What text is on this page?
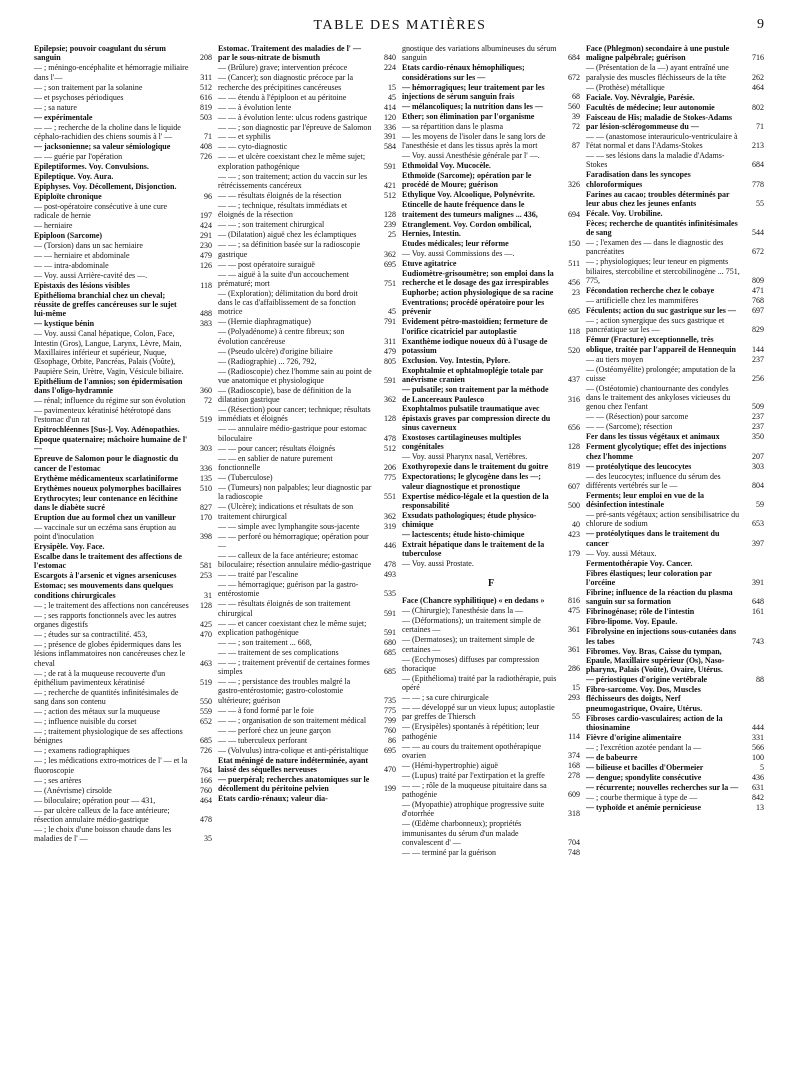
TABLE DES MATIÈRES	9
Epilepsie; pouvoir coagulant du sérum sanguin	208
— ; méningo-encéphalite et hémorragie miliaire dans l'—	311
— ; son traitement par la solanine	512
— et psychoses périodiques	616
— ; sa nature	819
— expérimentale	503
— — ; recherche de la choline dans le liquide céphalo-rachidien des chiens soumis à l' —	71
— jacksonienne; sa valeur sémiologique	408
— — guérie par l'opération	726
Epileptiformes. Voy. Convulsions.
Epileptique. Voy. Aura.
Epiphyses. Voy. Décollement, Disjonction.
Epiploïte chronique	96
— post-opératoire consécutive à une cure radicale de hernie	197
— herniaire	424
Epiploon (Sarcome)	291
— (Torsion) dans un sac herniaire	230
— — herniaire et abdominale	479
— — intra-abdominale	126
— Voy. aussi Arrière-cavité des —.
Epistaxis des lésions visibles	118
Epithélioma branchial chez un cheval; réussite de greffes cancéreuses sur le sujet lui-même	488
— kystique bénin	383
— Voy. aussi Canal hépatique, Colon, Face, Intestin (Gros), Langue, Larynx, Lèvre, Main, Maxillaires inférieur et supérieur, Nuque, Œsophage, Orbite, Pancréas, Palais (Voûte), Paupière Sein, Urètre, Vagin, Vésicule biliaire.
Epithélium de l'amnios; son épidermisation dans l'oligo-hydramnie	360
— rénal; influence du régime sur son évolution 72
— pavimenteux kératinisé hétérotopé dans l'estomac d'un rat	519
Epitrochléennes [Sus-]. Voy. Adénopathies.
Epoque quaternaire; mâchoire humaine de l' —	303
Epreuve de Salomon pour le diagnostic du cancer de l'estomac	336
Erythème médicamenteux scarlatiniforme	135
Erythèmes noueux polymorphes bacillaires 510
Erythrocytes; leur contenance en lécithine dans le diabète sucré	827
Eruption due au formol chez un vanilleur	170
— vaccinale sur un eczéma sans éruption au point d'inoculation	398
Erysipèle. Voy. Face.
Escalbe dans le traitement des affections de l'estomac	581
Escargots à l'arsenic et vignes arsenicuses	253
Estomac; ses mouvements dans quelques conditions chirurgicales	31
— ; le traitement des affections non cancéreuses 128
— ; ses rapports fonctionnels avec les autres organes digestifs	425
— ; études sur sa contractilité. 453,	470
— ; présence de globes épidermiques dans les lésions inflammatoires non cancéreuses chez le cheval	463
— ; de rat à la muqueuse recouverte d'un épithélium pavimenteux kératinisé	519
— ; recherche de quantités infinitésimales de sang dans son contenu	550
— ; action des métaux sur la muqueuse	559
— ; influence nuisible du corset	652
— ; traitement physiologique de ses affections bénignes	685
— ; examens radiographiques	726
— ; les médications extro-motrices de l' — et la fluoroscopie	764
— ; ses artères	166
— (Anévrisme) cirsoïde	760
— biloculaire; opération pour — 431,	464
— par ulcère calleux de la face antérieure; résection annulaire médio-gastrique	478
— ; le choix d'une boisson chaude dans les maladies de l' —	35
Estomac. Traitement des maladies de l' — par le sous-nitrate de bismuth	840
— (Brûlure) grave; intervention précoce	224
— (Cancer); son diagnostic précoce par la recherche des précipitines cancéreuses	15
— — étendu à l'épiploon et au péritoine	45
— — à évolution lente	414
— — à évolution lente: ulcus rodens gastrique 120
— — ; son diagnostic par l'épreuve de Salomon 336
— — et syphilis	391
— — cyto-diagnostic	584
— — et ulcère coexistant chez le même sujet; exploration pathogénique	591
— — ; son traitement; action du vaccin sur les rétrécissements cancéreux	421
— — résultats éloignés de la résection	512
— — ; technique, résultats immédiats et éloignés de la résection	128
— — ; son traitement chirurgical	239
— (Dilatation) aiguë chez les éclamptiques	25
— — ; sa définition basée sur la radioscopie gastrique	362
— — post opératoire suraiguë	695
— — aiguë à la suite d'un accouchement prématuré; mort	751
— (Exploration); délimitation du bord droit dans le cas d'affaiblissement de sa fonction motrice	45
— (Hernie diaphragmatique)	791
— (Polyadénome) à centre fibreux; son évolution cancéreuse	311
— (Pseudo ulcère) d'origine biliaire	479
— (Radiographie) ... 726, 792,	805
— (Radioscopie) chez l'homme sain au point de vue anatomique et physiologique	591
— (Radioscopie), base de définition de la dilatation gastrique	362
— (Résection) pour cancer; technique; résultats immédiats et éloignés	128
— — annulaire médio-gastrique pour estomac biloculaire	478
— — pour cancer; résultats éloignés	512
— — en sablier de nature purement fonctionnelle	206
— (Tuberculose)	775
— (Tumeurs) non palpables; leur diagnostic par la radioscopie	551
— (Ulcère); indications et résultats de son traitement chirurgical	362
— — simple avec lymphangite sous-jacente	319
— — perforé ou hémorragique; opération pour —	446
— — calleux de la face antérieure; estomac biloculaire; résection annulaire médio-gastrique 478
— — traité par l'escaline	493
— — hémorragique; guérison par la gastro-entérostomie	535
— — résultats éloignés de son traitement chirurgical	591
— — et cancer coexistant chez le même sujet; explication pathogénique	591
— — ; son traitement ... 668,	680
— — traitement de ses complications	685
— — ; traitement préventif de certaines formes simples	685
— — ; persistance des troubles malgré la gastro-entérostomie; gastro-colostomie ultérieure; guérison	735
— — à fond formé par le foie	775
— — ; organisation de son traitement médical 799
— — perforé chez un jeune garçon	760
— — tuberculeux perforant	86
— (Volvulus) intra-colique et anti-péristaltique 695
Etat méningé de nature indéterminée, ayant laissé des séquelles nerveuses	470
— puerpéral; recherches anatomiques sur le décollement du péritoine pelvien	199
Etats cardio-rénaux; valeur dia-
gnostique des variations albumineuses du sérum sanguin	684
Etats cardio-rénaux hémophiliques; considérations sur les —	672
— hémorragiques; leur traitement par les injections de sérum sanguin frais	68
— mélancoliques; la nutrition dans les —	560
Ether; son élimination par l'organisme	39
— sa répartition dans le plasma	72
— les moyens de l'isoler dans le sang lors de l'anesthésie et dans les tissus après la mort	87
— Voy. aussi Anesthésie générale par l' —.
Ethmoïdal Voy. Mucocèle.
Ethmoïde (Sarcome); opération par le procédé de Moure; guérison	326
Ethylique Voy. Alcoolique, Polynévrite.
Etincelle de haute fréquence dans le traitement des tumeurs malignes ... 436,	694
Etranglement. Voy. Cordon ombilical, Hernies, Intestin.
Etudes médicales; leur réforme	150
— Voy. aussi Commissions des —.
Etuve agitatrice	511
Eudiomètre-grisoumètre; son emploi dans la recherche et le dosage des gaz irrespirables 456
Euphorbe; action physiologique de sa racine 23
Eventrations; procédé opératoire pour les prévenir	695
Evidement pétro-mastoïdien; fermeture de l'orifice cicatriciel par autoplastie	118
Exanthème iodique noueux dû à l'usage de potassium	520
Exclusion. Voy. Intestin, Pylore.
Exophtalmie et ophtalmoplégie totale par anévrisme cranien	437
— pulsatile; son traitement par la méthode de Lancereaux Paulesco	316
Exophtalmos pulsatile traumatique avec épistaxis graves par compression directe du sinus caverneux	656
Exostoses cartilagineuses multiples congénitales	128
— Voy. aussi Pharynx nasal, Vertèbres.
Exothyropexie dans le traitement du goitre 819
Expectorations; le glycogène dans les —; valeur diagnostique et pronostique	607
Expertise médico-légale et la question de la responsabilité	500
Exsudats pathologiques; étude physico-chimique	40
— lactescents; étude histo-chimique	423
Extrait hépatique dans le traitement de la tuberculose	179
— Voy. aussi Prostate.
F
Face (Chancre syphilitique) « en dedans »	816
— (Chirurgie); l'anesthésie dans la —	475
— (Déformations); un traitement simple de certaines —	361
— (Dermatoses); un traitement simple de certaines —	361
— (Ecchymoses) diffuses par compression thoracique	286
— (Epithélioma) traité par la radiothérapie, puis opéré	15
— — ; sa cure chirurgicale	293
— — développé sur un vieux lupus; autoplastie par greffes de Thiersch	55
— (Erysipèles) spontanés à répétition; leur pathogénie	114
— — au cours du traitement opothérapique ovarien	374
— (Hémi-hypertrophie) aiguë	168
— (Lupus) traité par l'extirpation et la greffe	278
— — ; rôle de la muqueuse pituitaire dans sa pathogénie	609
— (Myopathie) atrophique progressive suite d'otorrhée	318
— (Œdème charbonneux); propriétés immunisantes du sérum d'un malade convalescent d' —	704
— — terminé par la guérison	748
Face (Phlegmon) secondaire à une pustule maligne palpébrale; guérison	716
— (Présentation de la —) ayant entraîné une paralysie des muscles fléchisseurs de la tête	262
— (Prothèse) métallique	464
Faciale. Voy. Névralgie, Parésie.
Facultés de médecine; leur autonomie	802
Faisceau de His; maladie de Stokes-Adams par lésion-sclérogommeuse du —	71
— — (anastomose interauriculo-ventriculaire à l'état normal et dans l'Adams-Stokes	213
— — ses lésions dans la maladie d'Adams-Stokes	684
Faradisation dans les syncopes chloroformiques	778
Farines au cacao; troubles déterminés par leur abus chez les jeunes enfants	55
Fécale. Voy. Urobiline.
Fèces; recherche de quantités infinitésimales de sang	544
— ; l'examen des — dans le diagnostic des pancréatites	672
— ; physiologiques; leur teneur en pigments biliaires, stercobiline et stercobilinogène ... 751, 775,	809
Fécondation recherche chez le cobaye	471
— artificielle chez les mammifères	768
Féculents; action du suc gastrique sur les — 697
— ; action synergique des sucs gastrique et pancréatique sur les —	829
Fémur (Fracture) exceptionnelle, très oblique, traitée par l'appareil de Hennequin 144
— au tiers moyen	237
— (Ostéomyélite) prolongée; amputation de la cuisse	256
— (Ostéotomie) chantournante des condyles dans le traitement des ankyloses vicieuses du genou chez l'enfant	509
— — (Résection) pour sarcome	237
— — (Sarcome); résection	237
Fer dans les tissus végétaux et animaux	350
Ferment glycolytique; effet des injections chez l'homme	207
— protéolytique des leucocytes	303
— des leucocytes; influence du sérum des différents vertébrés sur le —	804
Ferments; leur emploi en vue de la désinfection intestinale	59
— pré-sants végétaux; action sensibilisatrice du chlorure de sodium	653
— protéolytiques dans le traitement du cancer	397
— Voy. aussi Métaux.
Fermentothérapie Voy. Cancer.
Fibres élastiques; leur coloration par l'orcéine	391
Fibrine; influence de la réaction du plasma sanguin sur sa formation	648
Fibrinogénase; rôle de l'intestin	161
Fibro-lipome. Voy. Epaule.
Fibrolysine en injections sous-cutanées dans les tabes	743
Fibromes. Voy. Bras, Caisse du tympan, Epaule, Maxillaire supérieur (Os), Naso-pharynx, Palais (Voûte), Ovaire, Utérus.
— périostiques d'origine vertébrale	88
Fibro-sarcome. Voy. Dos, Muscles fléchisseurs des doigts, Nerf pneumogastrique, Ovaire, Utérus.
Fibroses cardio-vasculaires; action de la thiosinamine	444
Fièvre d'origine alimentaire	331
— ; l'excrétion azotée pendant la —	566
— de babeurre	100
— bilieuse et bacilles d'Obermeier	5
— dengue; spondylite consécutive	436
— récurrente; nouvelles recherches sur la — 631
— ; courbe thermique à type de —	842
— typhoïde et anémie pernicieuse	13
